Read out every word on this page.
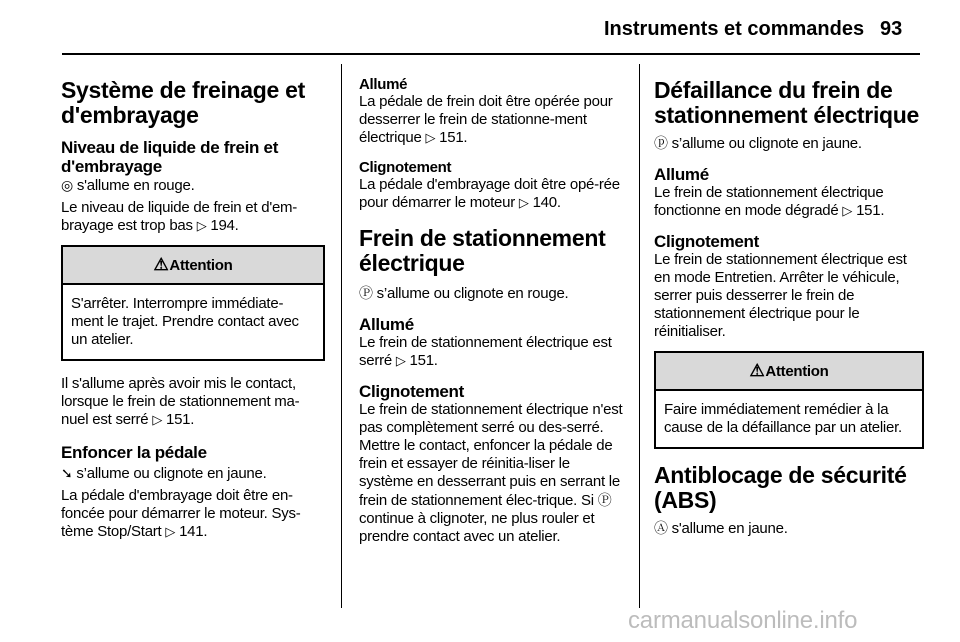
Instruments et commandes 93
Système de freinage et d'embrayage
Niveau de liquide de frein et d'embrayage
◎ s'allume en rouge.
Le niveau de liquide de frein et d'em-brayage est trop bas ▷ 194.
⚠ Attention
S'arrêter. Interrompre immédiate-ment le trajet. Prendre contact avec un atelier.
Il s'allume après avoir mis le contact, lorsque le frein de stationnement ma-nuel est serré ▷ 151.
Enfoncer la pédale
➘ s’allume ou clignote en jaune.
La pédale d'embrayage doit être en-foncée pour démarrer le moteur. Sys-tème Stop/Start ▷ 141.
Allumé
La pédale de frein doit être opérée pour desserrer le frein de stationne-ment électrique ▷ 151.
Clignotement
La pédale d'embrayage doit être opé-rée pour démarrer le moteur ▷ 140.
Frein de stationnement électrique
Ⓟ s’allume ou clignote en rouge.
Allumé
Le frein de stationnement électrique est serré ▷ 151.
Clignotement
Le frein de stationnement électrique n'est pas complètement serré ou des-serré. Mettre le contact, enfoncer la pédale de frein et essayer de réinitia-liser le système en desserrant puis en serrant le frein de stationnement élec-trique. Si Ⓟ continue à clignoter, ne plus rouler et prendre contact avec un atelier.
Défaillance du frein de stationnement électrique
ⓟ s’allume ou clignote en jaune.
Allumé
Le frein de stationnement électrique fonctionne en mode dégradé ▷ 151.
Clignotement
Le frein de stationnement électrique est en mode Entretien. Arrêter le véhicule, serrer puis desserrer le frein de stationnement électrique pour le réinitialiser.
⚠ Attention
Faire immédiatement remédier à la cause de la défaillance par un atelier.
Antiblocage de sécurité (ABS)
Ⓐ s'allume en jaune.
carmanualsonline.info
